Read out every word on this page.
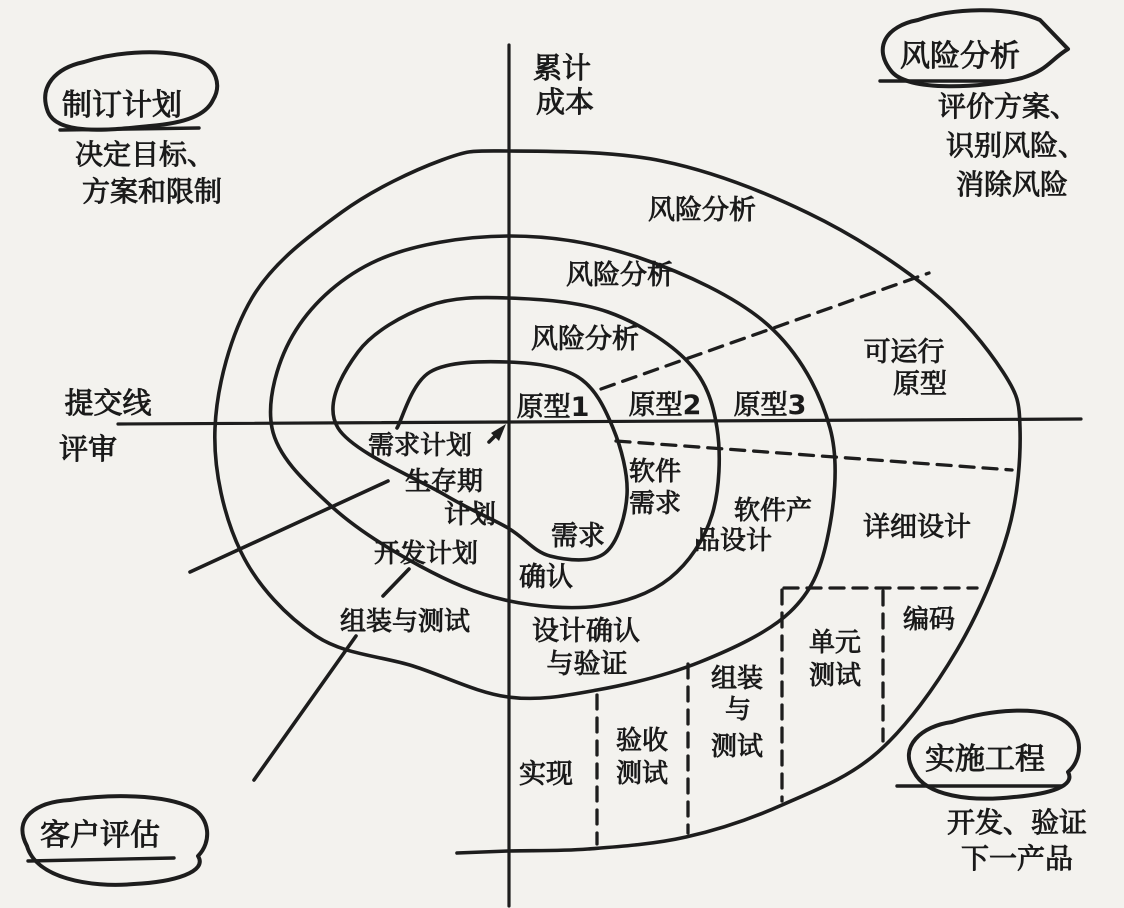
累计
成本
提交线
评审
制订计划
决定目标、
方案和限制
风险分析
评价方案、
识别风险、
消除风险
实施工程
开发、验证
下一产品
客户评估
风险分析
风险分析
风险分析
原型1 原型2 原型3
可运行
原型
需求计划
生存期
计划
开发计划
组装与测试
软件
需求
需求
确认
软件产
品设计	详细设计
设计确认
与验证
实现
验收
测试
组装
与
测试
单元
测试
编码
